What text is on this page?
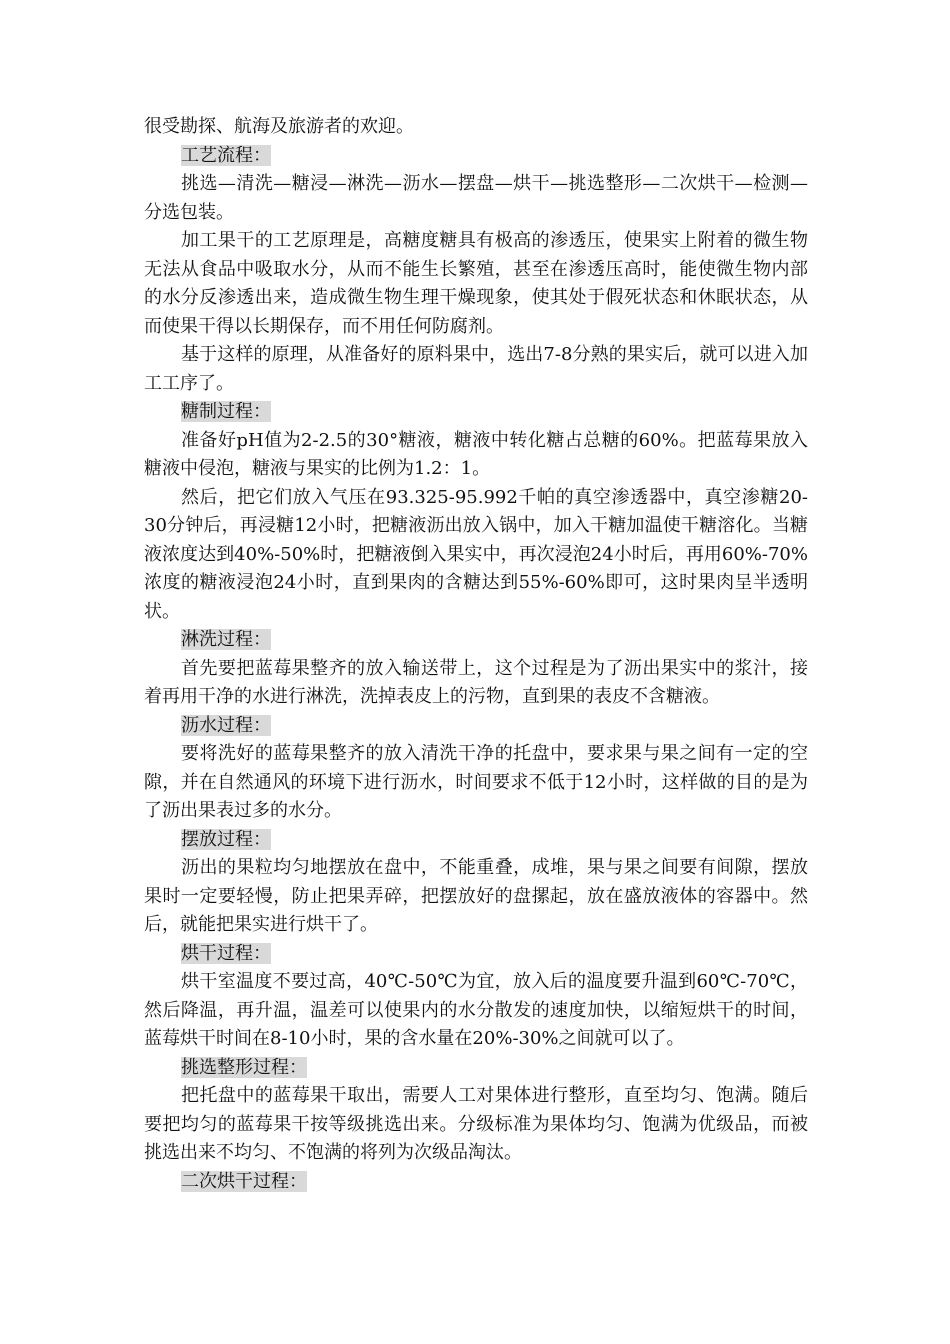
很受勘探、航海及旅游者的欢迎。

工艺流程：

挑选—清洗—糖浸—淋洗—沥水—摆盘—烘干—挑选整形—二次烘干—检测—分选包装。

加工果干的工艺原理是，高糖度糖具有极高的渗透压，使果实上附着的微生物无法从食品中吸取水分，从而不能生长繁殖，甚至在渗透压高时，能使微生物内部的水分反渗透出来，造成微生物生理干燥现象，使其处于假死状态和休眠状态，从而使果干得以长期保存，而不用任何防腐剂。

基于这样的原理，从准备好的原料果中，选出7-8分熟的果实后，就可以进入加工工序了。

糖制过程：

准备好pH值为2-2.5的30°糖液，糖液中转化糖占总糖的60%。把蓝莓果放入糖液中侵泡，糖液与果实的比例为1.2：1。

然后，把它们放入气压在93.325-95.992千帕的真空渗透器中，真空渗糖20-30分钟后，再浸糖12小时，把糖液沥出放入锅中，加入干糖加温使干糖溶化。当糖液浓度达到40%-50%时，把糖液倒入果实中，再次浸泡24小时后，再用60%-70%浓度的糖液浸泡24小时，直到果肉的含糖达到55%-60%即可，这时果肉呈半透明状。

淋洗过程：

首先要把蓝莓果整齐的放入输送带上，这个过程是为了沥出果实中的浆汁，接着再用干净的水进行淋洗，洗掉表皮上的污物，直到果的表皮不含糖液。

沥水过程：

要将洗好的蓝莓果整齐的放入清洗干净的托盘中，要求果与果之间有一定的空隙，并在自然通风的环境下进行沥水，时间要求不低于12小时，这样做的目的是为了沥出果表过多的水分。

摆放过程：

沥出的果粒均匀地摆放在盘中，不能重叠，成堆，果与果之间要有间隙，摆放果时一定要轻慢，防止把果弄碎，把摆放好的盘摞起，放在盛放液体的容器中。然后，就能把果实进行烘干了。

烘干过程：

烘干室温度不要过高，40℃-50℃为宜，放入后的温度要升温到60℃-70℃，然后降温，再升温，温差可以使果内的水分散发的速度加快，以缩短烘干的时间，蓝莓烘干时间在8-10小时，果的含水量在20%-30%之间就可以了。

挑选整形过程：

把托盘中的蓝莓果干取出，需要人工对果体进行整形，直至均匀、饱满。随后要把均匀的蓝莓果干按等级挑选出来。分级标准为果体均匀、饱满为优级品，而被挑选出来不均匀、不饱满的将列为次级品淘汰。

二次烘干过程：
